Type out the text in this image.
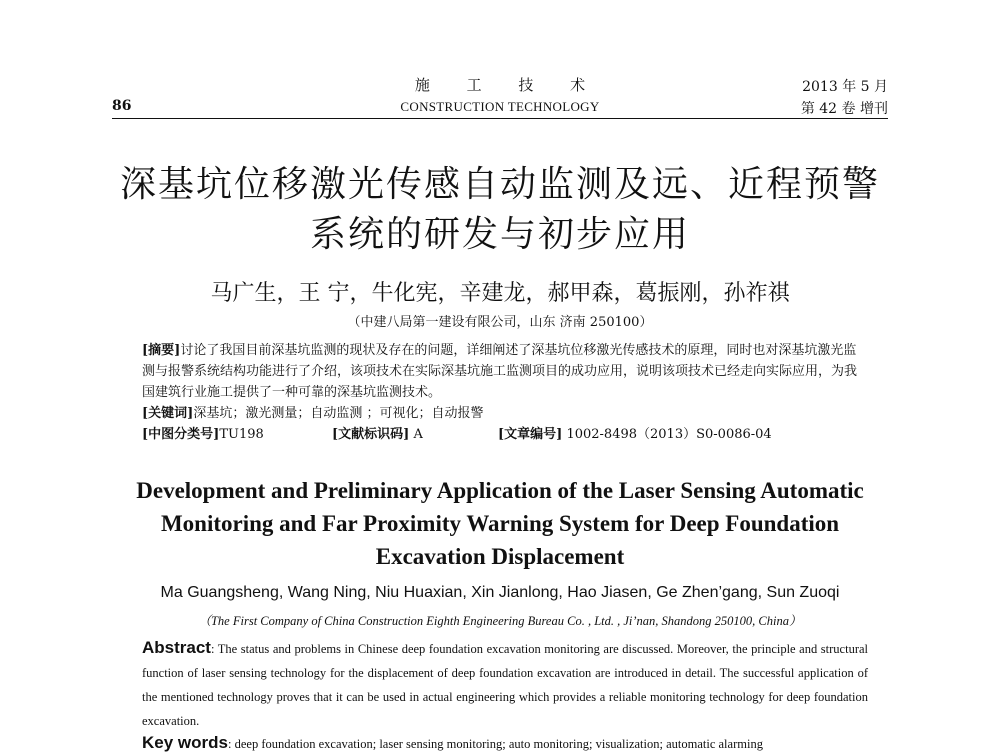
86
施 工 技 术
CONSTRUCTION TECHNOLOGY
2013 年 5 月
第 42 卷 增刊
深基坑位移激光传感自动监测及远、近程预警
系统的研发与初步应用
马广生，王 宁，牛化宪，辛建龙，郝甲森，葛振刚，孙祚祺
（中建八局第一建设有限公司，山东 济南 250100）

[摘要]讨论了我国目前深基坑监测的现状及存在的问题，详细阐述了深基坑位移激光传感技术的原理，同时也对深基坑激光监测与报警系统结构功能进行了介绍，该项技术在实际深基坑施工监测项目的成功应用，说明该项技术已经走向实际应用，为我国建筑行业施工提供了一种可靠的深基坑监测技术。

[关键词]深基坑；激光测量；自动监测 ；可视化；自动报警

[中图分类号]TU198	[文献标识码] A	[文章编号] 1002-8498（2013）S0-0086-04

Development and Preliminary Application of the Laser Sensing Automatic
Monitoring and Far Proximity Warning System for Deep Foundation
Excavation Displacement
Ma Guangsheng, Wang Ning, Niu Huaxian, Xin Jianlong, Hao Jiasen, Ge Zhen’gang, Sun Zuoqi
（The First Company of China Construction Eighth Engineering Bureau Co. , Ltd. , Ji’nan, Shandong 250100, China）
Abstract: The status and problems in Chinese deep foundation excavation monitoring are discussed. Moreover, the principle and structural function of laser sensing technology for the displacement of deep foundation excavation are introduced in detail. The successful application of the mentioned technology proves that it can be used in actual engineering which provides a reliable monitoring technology for deep foundation excavation.
Key words: deep foundation excavation; laser sensing monitoring; auto monitoring; visualization; automatic alarming
